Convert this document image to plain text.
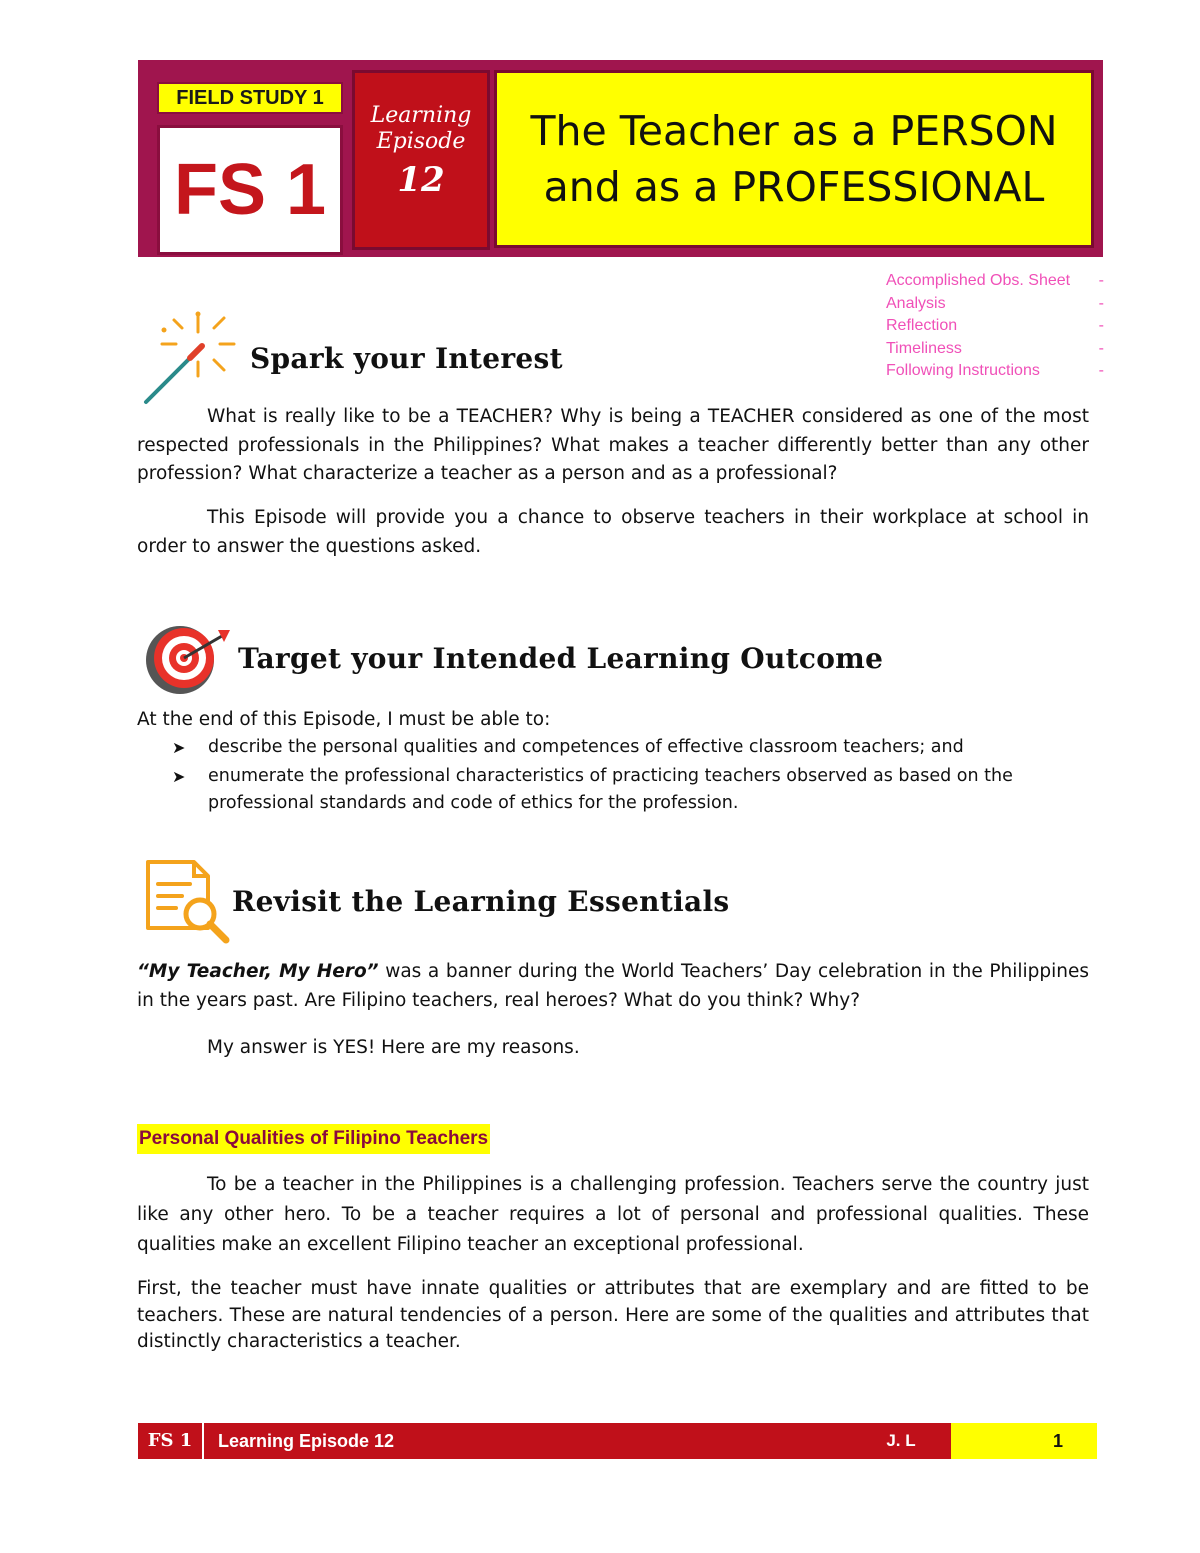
FIELD STUDY 1
FS 1
Learning
Episode
12
The Teacher as a PERSON
and as a PROFESSIONAL
Accomplished Obs. Sheet -
Analysis	-
Reflection	-
Timeliness	-
Following Instructions	-
Spark your Interest
What is really like to be a TEACHER? Why is being a TEACHER considered as one of the most respected professionals in the Philippines? What makes a teacher differently better than any other profession? What characterize a teacher as a person and as a professional?
This Episode will provide you a chance to observe teachers in their workplace at school in order to answer the questions asked.
Target your Intended Learning Outcome
At the end of this Episode, I must be able to:
➤ describe the personal qualities and competences of effective classroom teachers; and
➤ enumerate the professional characteristics of practicing teachers observed as based on the professional standards and code of ethics for the profession.
Revisit the Learning Essentials
“My Teacher, My Hero” was a banner during the World Teachers’ Day celebration in the Philippines in the years past. Are Filipino teachers, real heroes? What do you think? Why?
My answer is YES! Here are my reasons.
Personal Qualities of Filipino Teachers
To be a teacher in the Philippines is a challenging profession. Teachers serve the country just like any other hero. To be a teacher requires a lot of personal and professional qualities. These qualities make an excellent Filipino teacher an exceptional professional.
First, the teacher must have innate qualities or attributes that are exemplary and are fitted to be teachers. These are natural tendencies of a person. Here are some of the qualities and attributes that distinctly characteristics a teacher.
FS 1	Learning Episode 12	J. L	1
